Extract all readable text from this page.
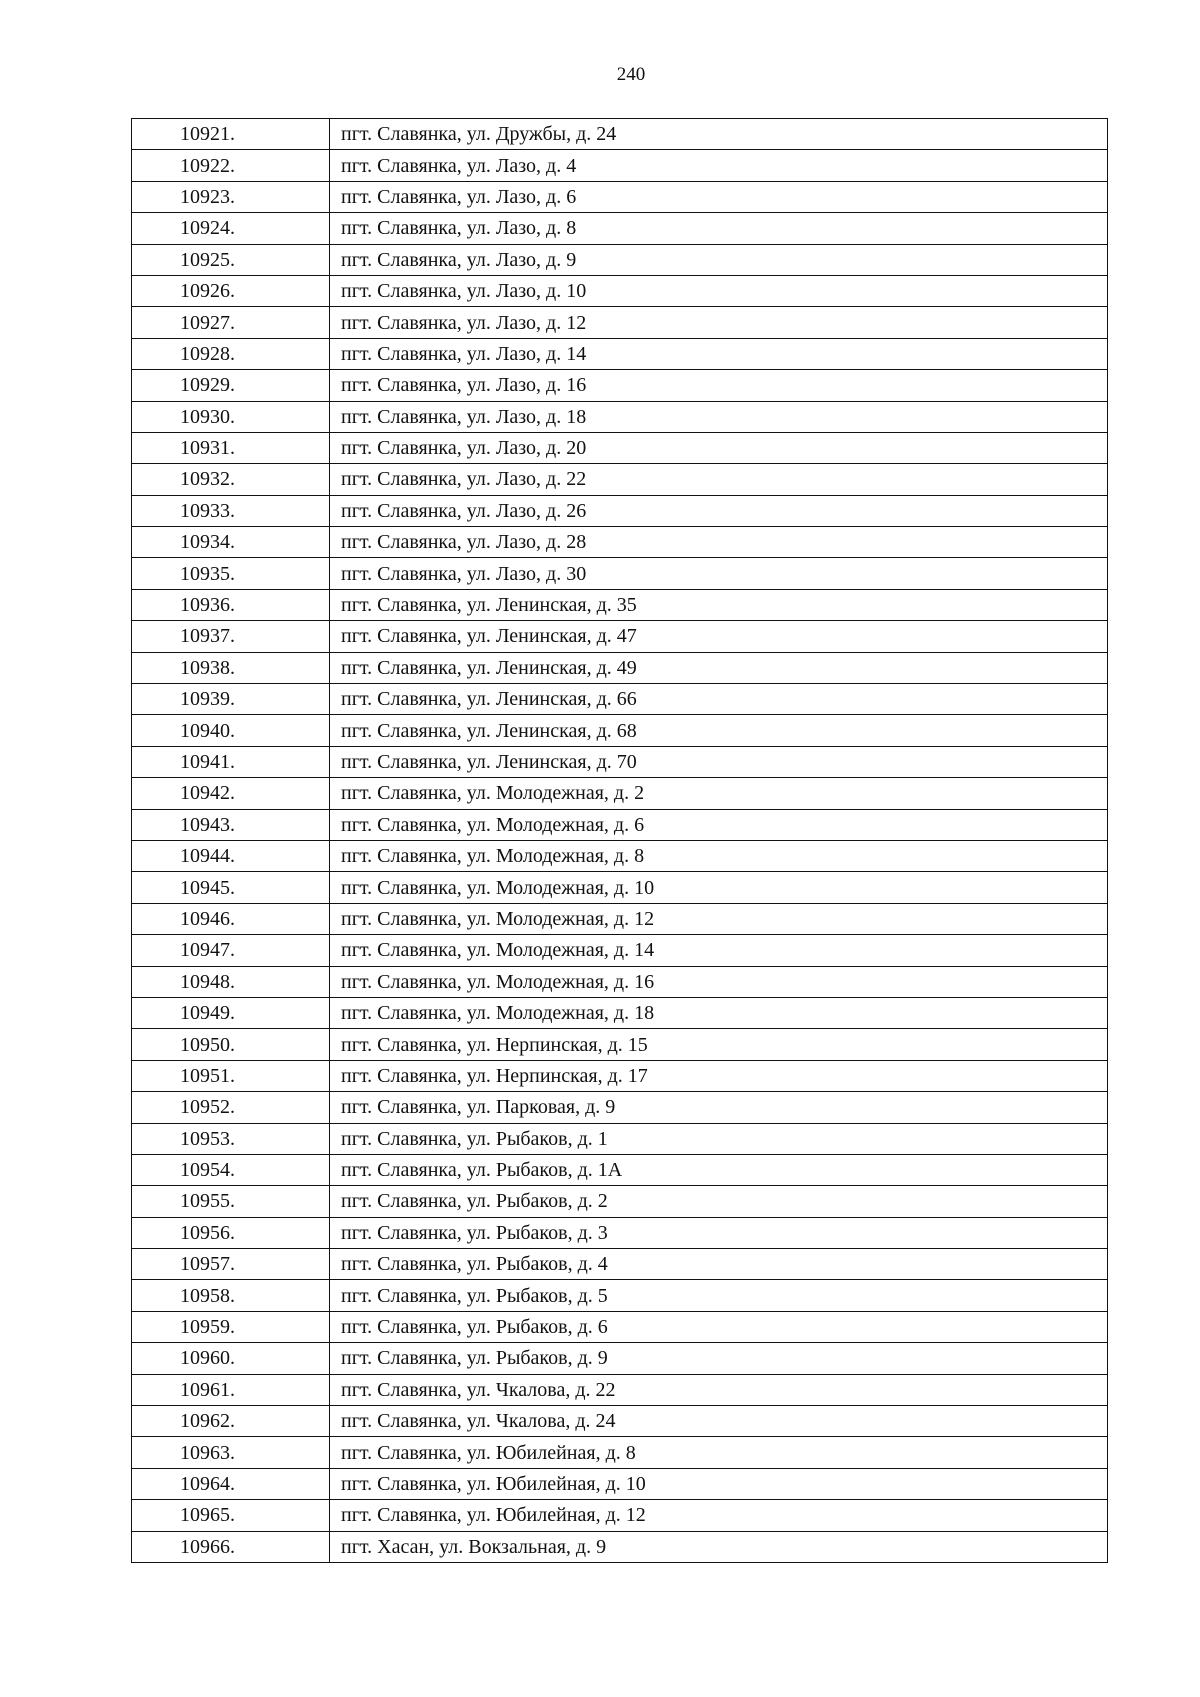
240
10921.	пгт. Славянка, ул. Дружбы, д. 24
10922.	пгт. Славянка, ул. Лазо, д. 4
10923.	пгт. Славянка, ул. Лазо, д. 6
10924.	пгт. Славянка, ул. Лазо, д. 8
10925.	пгт. Славянка, ул. Лазо, д. 9
10926.	пгт. Славянка, ул. Лазо, д. 10
10927.	пгт. Славянка, ул. Лазо, д. 12
10928.	пгт. Славянка, ул. Лазо, д. 14
10929.	пгт. Славянка, ул. Лазо, д. 16
10930.	пгт. Славянка, ул. Лазо, д. 18
10931.	пгт. Славянка, ул. Лазо, д. 20
10932.	пгт. Славянка, ул. Лазо, д. 22
10933.	пгт. Славянка, ул. Лазо, д. 26
10934.	пгт. Славянка, ул. Лазо, д. 28
10935.	пгт. Славянка, ул. Лазо, д. 30
10936.	пгт. Славянка, ул. Ленинская, д. 35
10937.	пгт. Славянка, ул. Ленинская, д. 47
10938.	пгт. Славянка, ул. Ленинская, д. 49
10939.	пгт. Славянка, ул. Ленинская, д. 66
10940.	пгт. Славянка, ул. Ленинская, д. 68
10941.	пгт. Славянка, ул. Ленинская, д. 70
10942.	пгт. Славянка, ул. Молодежная, д. 2
10943.	пгт. Славянка, ул. Молодежная, д. 6
10944.	пгт. Славянка, ул. Молодежная, д. 8
10945.	пгт. Славянка, ул. Молодежная, д. 10
10946.	пгт. Славянка, ул. Молодежная, д. 12
10947.	пгт. Славянка, ул. Молодежная, д. 14
10948.	пгт. Славянка, ул. Молодежная, д. 16
10949.	пгт. Славянка, ул. Молодежная, д. 18
10950.	пгт. Славянка, ул. Нерпинская, д. 15
10951.	пгт. Славянка, ул. Нерпинская, д. 17
10952.	пгт. Славянка, ул. Парковая, д. 9
10953.	пгт. Славянка, ул. Рыбаков, д. 1
10954.	пгт. Славянка, ул. Рыбаков, д. 1А
10955.	пгт. Славянка, ул. Рыбаков, д. 2
10956.	пгт. Славянка, ул. Рыбаков, д. 3
10957.	пгт. Славянка, ул. Рыбаков, д. 4
10958.	пгт. Славянка, ул. Рыбаков, д. 5
10959.	пгт. Славянка, ул. Рыбаков, д. 6
10960.	пгт. Славянка, ул. Рыбаков, д. 9
10961.	пгт. Славянка, ул. Чкалова, д. 22
10962.	пгт. Славянка, ул. Чкалова, д. 24
10963.	пгт. Славянка, ул. Юбилейная, д. 8
10964.	пгт. Славянка, ул. Юбилейная, д. 10
10965.	пгт. Славянка, ул. Юбилейная, д. 12
10966.	пгт. Хасан, ул. Вокзальная, д. 9
